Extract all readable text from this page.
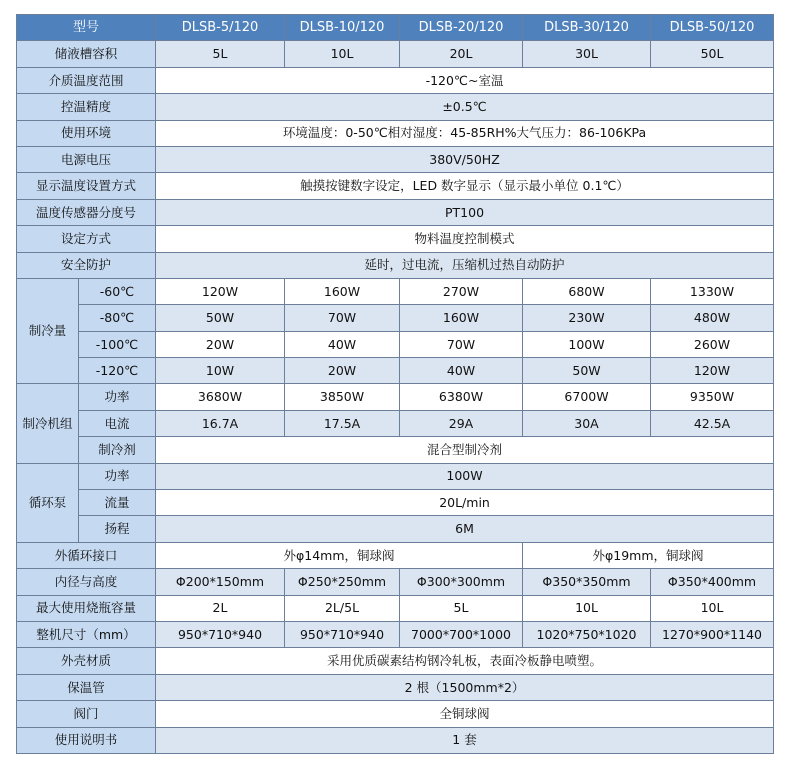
型号		DLSB-5/120	DLSB-10/120	DLSB-20/120	DLSB-30/120	DLSB-50/120
储液槽容积		5L	10L	20L	30L	50L
介质温度范围		-120℃~室温				
控温精度		±0.5℃				
使用环境		环境温度：0-50℃相对湿度：45-85RH%大气压力：86-106KPa				
电源电压		380V/50HZ				
显示温度设置方式		触摸按键数字设定，LED 数字显示（显示最小单位 0.1℃）				
温度传感器分度号		PT100				
设定方式		物料温度控制模式				
安全防护		延时，过电流，压缩机过热自动防护				
制冷量	-60℃	120W	160W	270W	680W	1330W
	-80℃	50W	70W	160W	230W	480W
	-100℃	20W	40W	70W	100W	260W
	-120℃	10W	20W	40W	50W	120W
制冷机组	功率	3680W	3850W	6380W	6700W	9350W
	电流	16.7A	17.5A	29A	30A	42.5A
	制冷剂	混合型制冷剂				
循环泵	功率	100W				
	流量	20L/min				
	扬程	6M				
外循环接口		外φ14mm，铜球阀			外φ19mm，铜球阀	
内径与高度		Φ200*150mm	Φ250*250mm	Φ300*300mm	Φ350*350mm	Φ350*400mm
最大使用烧瓶容量		2L	2L/5L	5L	10L	10L
整机尺寸（mm）		950*710*940	950*710*940	7000*700*1000	1020*750*1020	1270*900*1140
外壳材质		采用优质碳素结构钢冷轧板，表面冷板静电喷塑。				
保温管		2 根（1500mm*2）				
阀门		全铜球阀				
使用说明书		1 套				
